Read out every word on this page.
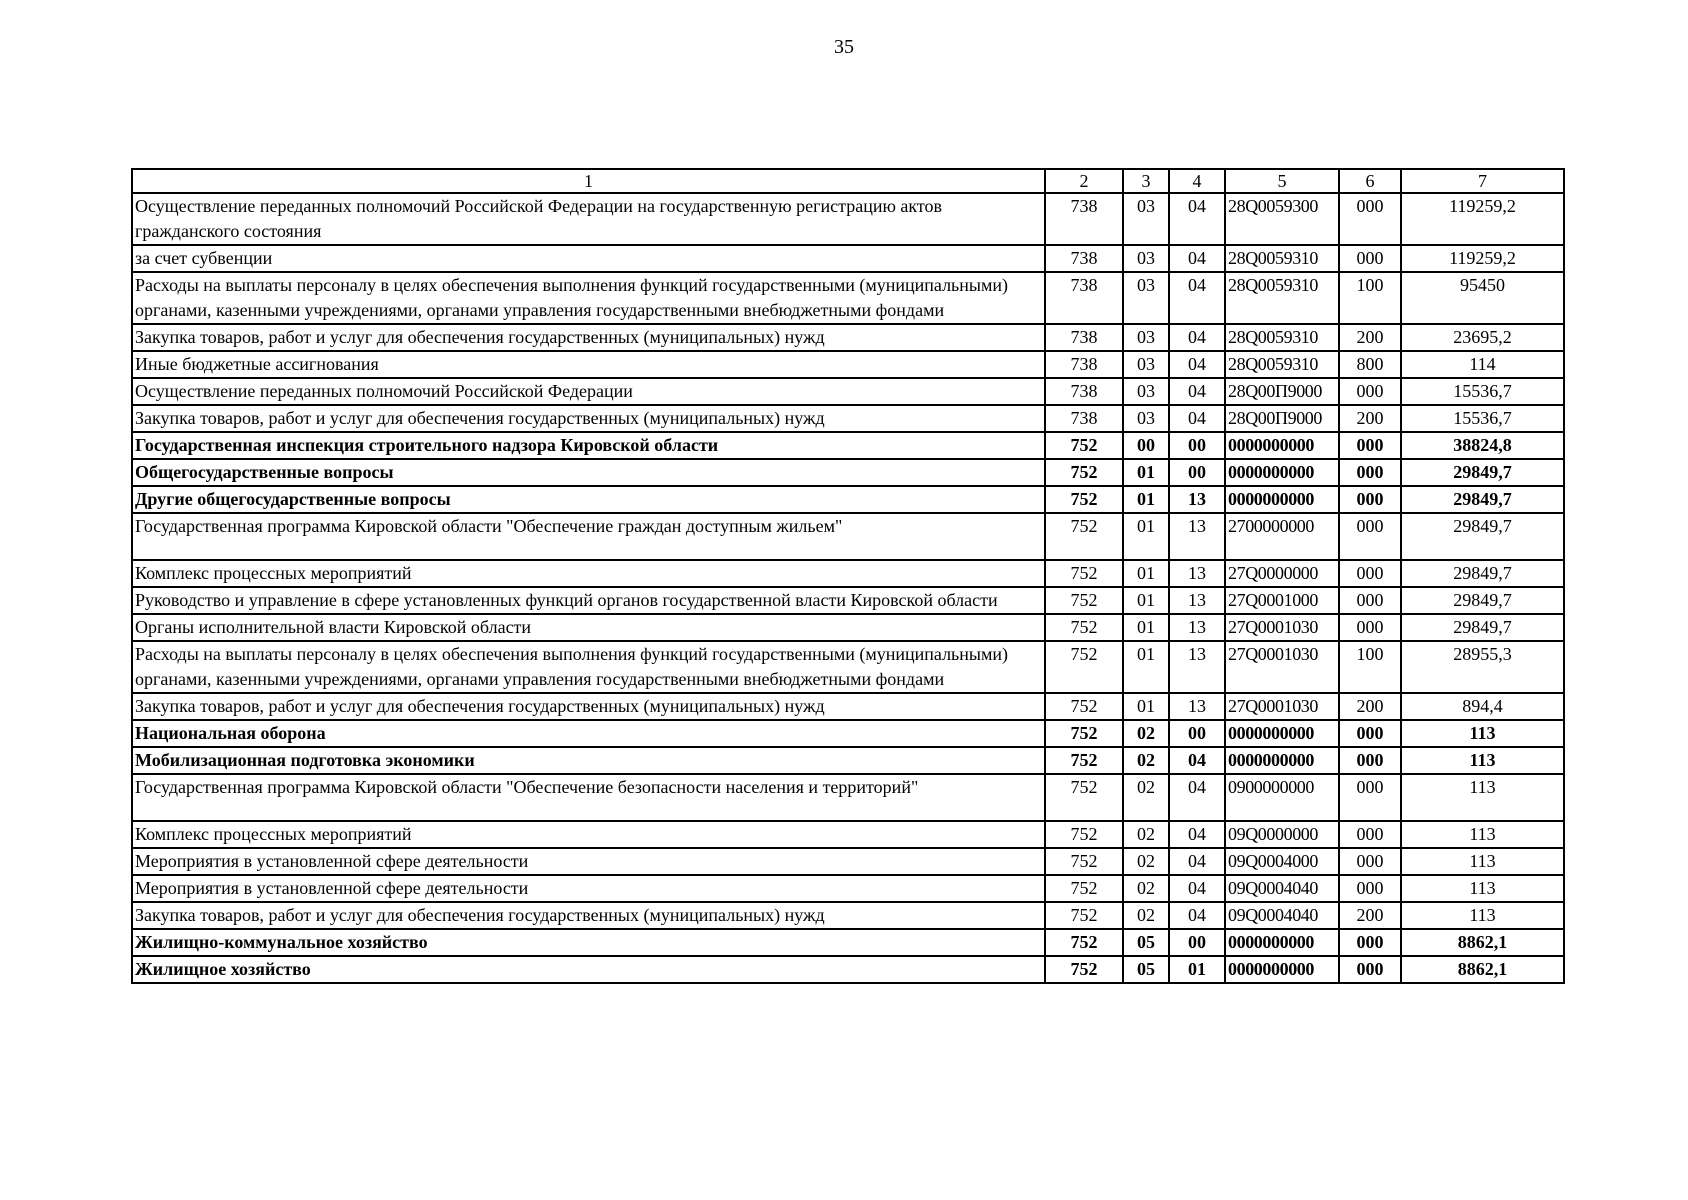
35
1	2	3	4	5	6	7
Осуществление переданных полномочий Российской Федерации на государственную регистрацию актов гражданского состояния	738	03	04	28Q0059300	000	119259,2
за счет субвенции	738	03	04	28Q0059310	000	119259,2
Расходы на выплаты персоналу в целях обеспечения выполнения функций государственными (муниципальными) органами, казенными учреждениями, органами управления государственными внебюджетными фондами	738	03	04	28Q0059310	100	95450
Закупка товаров, работ и услуг для обеспечения государственных (муниципальных) нужд	738	03	04	28Q0059310	200	23695,2
Иные бюджетные ассигнования	738	03	04	28Q0059310	800	114
Осуществление переданных полномочий Российской Федерации	738	03	04	28Q00П9000	000	15536,7
Закупка товаров, работ и услуг для обеспечения государственных (муниципальных) нужд	738	03	04	28Q00П9000	200	15536,7
Государственная инспекция строительного надзора Кировской области	752	00	00	0000000000	000	38824,8
Общегосударственные вопросы	752	01	00	0000000000	000	29849,7
Другие общегосударственные вопросы	752	01	13	0000000000	000	29849,7
Государственная программа Кировской области "Обеспечение граждан доступным жильем"	752	01	13	2700000000	000	29849,7
Комплекс процессных мероприятий	752	01	13	27Q0000000	000	29849,7
Руководство и управление в сфере установленных функций органов государственной власти Кировской области	752	01	13	27Q0001000	000	29849,7
Органы исполнительной власти Кировской области	752	01	13	27Q0001030	000	29849,7
Расходы на выплаты персоналу в целях обеспечения выполнения функций государственными (муниципальными) органами, казенными учреждениями, органами управления государственными внебюджетными фондами	752	01	13	27Q0001030	100	28955,3
Закупка товаров, работ и услуг для обеспечения государственных (муниципальных) нужд	752	01	13	27Q0001030	200	894,4
Национальная оборона	752	02	00	0000000000	000	113
Мобилизационная подготовка экономики	752	02	04	0000000000	000	113
Государственная программа Кировской области "Обеспечение безопасности населения и территорий"	752	02	04	0900000000	000	113
Комплекс процессных мероприятий	752	02	04	09Q0000000	000	113
Мероприятия в установленной сфере деятельности	752	02	04	09Q0004000	000	113
Мероприятия в установленной сфере деятельности	752	02	04	09Q0004040	000	113
Закупка товаров, работ и услуг для обеспечения государственных (муниципальных) нужд	752	02	04	09Q0004040	200	113
Жилищно-коммунальное хозяйство	752	05	00	0000000000	000	8862,1
Жилищное хозяйство	752	05	01	0000000000	000	8862,1
